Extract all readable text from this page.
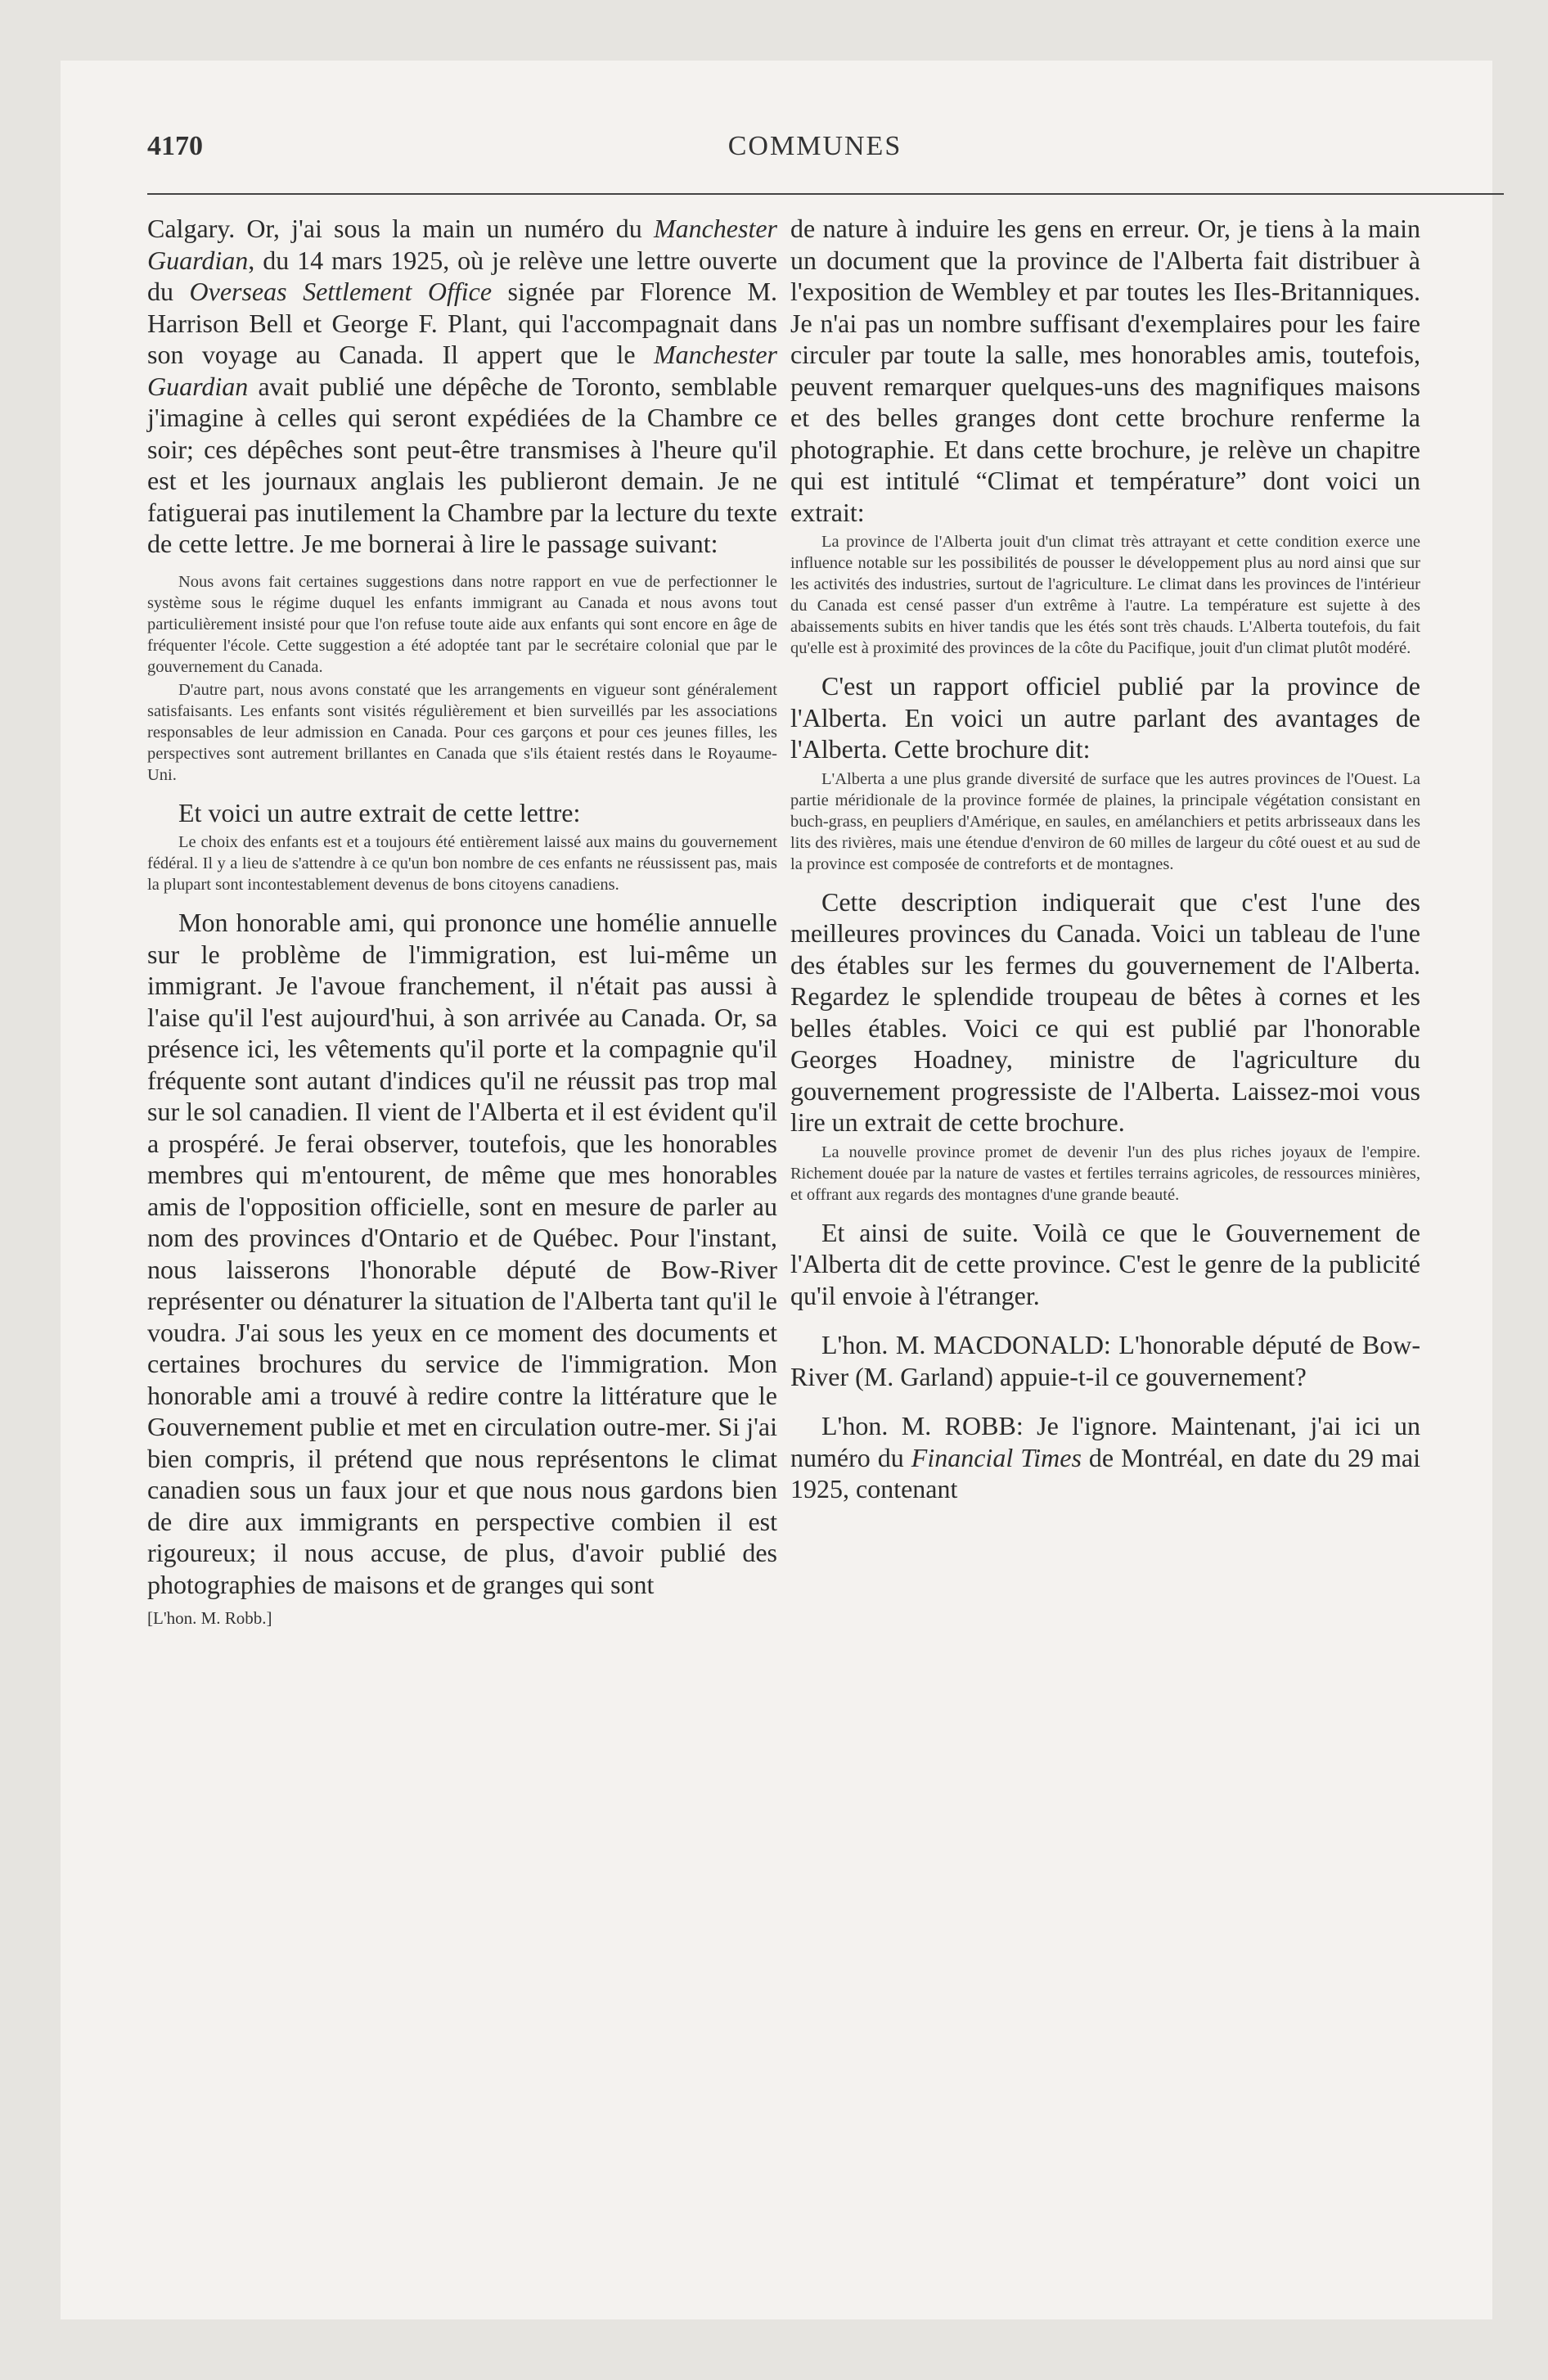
4170	COMMUNES

Calgary. Or, j'ai sous la main un numéro du Manchester Guardian, du 14 mars 1925, où je relève une lettre ouverte du Overseas Settlement Office signée par Florence M. Harrison Bell et George F. Plant, qui l'accompagnait dans son voyage au Canada. Il appert que le Manchester Guardian avait publié une dépêche de Toronto, semblable j'imagine à celles qui seront expédiées de la Chambre ce soir; ces dépêches sont peut-être transmises à l'heure qu'il est et les journaux anglais les publieront demain. Je ne fatiguerai pas inutilement la Chambre par la lecture du texte de cette lettre. Je me bornerai à lire le passage suivant:

Nous avons fait certaines suggestions dans notre rapport en vue de perfectionner le système sous le régime duquel les enfants immigrant au Canada et nous avons tout particulièrement insisté pour que l'on refuse toute aide aux enfants qui sont encore en âge de fréquenter l'école. Cette suggestion a été adoptée tant par le secrétaire colonial que par le gouvernement du Canada.

D'autre part, nous avons constaté que les arrangements en vigueur sont généralement satisfaisants. Les enfants sont visités régulièrement et bien surveillés par les associations responsables de leur admission en Canada. Pour ces garçons et pour ces jeunes filles, les perspectives sont autrement brillantes en Canada que s'ils étaient restés dans le Royaume-Uni.

Et voici un autre extrait de cette lettre:

Le choix des enfants est et a toujours été entièrement laissé aux mains du gouvernement fédéral. Il y a lieu de s'attendre à ce qu'un bon nombre de ces enfants ne réussissent pas, mais la plupart sont incontestablement devenus de bons citoyens canadiens.

Mon honorable ami, qui prononce une homélie annuelle sur le problème de l'immigration, est lui-même un immigrant. Je l'avoue franchement, il n'était pas aussi à l'aise qu'il l'est aujourd'hui, à son arrivée au Canada. Or, sa présence ici, les vêtements qu'il porte et la compagnie qu'il fréquente sont autant d'indices qu'il ne réussit pas trop mal sur le sol canadien. Il vient de l'Alberta et il est évident qu'il a prospéré. Je ferai observer, toutefois, que les honorables membres qui m'entourent, de même que mes honorables amis de l'opposition officielle, sont en mesure de parler au nom des provinces d'Ontario et de Québec. Pour l'instant, nous laisserons l'honorable député de Bow-River représenter ou dénaturer la situation de l'Alberta tant qu'il le voudra. J'ai sous les yeux en ce moment des documents et certaines brochures du service de l'immigration. Mon honorable ami a trouvé à redire contre la littérature que le Gouvernement publie et met en circulation outre-mer. Si j'ai bien compris, il prétend que nous représentons le climat canadien sous un faux jour et que nous nous gardons bien de dire aux immigrants en perspective combien il est rigoureux; il nous accuse, de plus, d'avoir publié des photographies de maisons et de granges qui sont

[L'hon. M. Robb.]

de nature à induire les gens en erreur. Or, je tiens à la main un document que la province de l'Alberta fait distribuer à l'exposition de Wembley et par toutes les Iles-Britanniques. Je n'ai pas un nombre suffisant d'exemplaires pour les faire circuler par toute la salle, mes honorables amis, toutefois, peuvent remarquer quelques-uns des magnifiques maisons et des belles granges dont cette brochure renferme la photographie. Et dans cette brochure, je relève un chapitre qui est intitulé “Climat et température” dont voici un extrait:

La province de l'Alberta jouit d'un climat très attrayant et cette condition exerce une influence notable sur les possibilités de pousser le développement plus au nord ainsi que sur les activités des industries, surtout de l'agriculture. Le climat dans les provinces de l'intérieur du Canada est censé passer d'un extrême à l'autre. La température est sujette à des abaissements subits en hiver tandis que les étés sont très chauds. L'Alberta toutefois, du fait qu'elle est à proximité des provinces de la côte du Pacifique, jouit d'un climat plutôt modéré.

C'est un rapport officiel publié par la province de l'Alberta. En voici un autre parlant des avantages de l'Alberta. Cette brochure dit:

L'Alberta a une plus grande diversité de surface que les autres provinces de l'Ouest. La partie méridionale de la province formée de plaines, la principale végétation consistant en buch-grass, en peupliers d'Amérique, en saules, en amélanchiers et petits arbrisseaux dans les lits des rivières, mais une étendue d'environ de 60 milles de largeur du côté ouest et au sud de la province est composée de contreforts et de montagnes.

Cette description indiquerait que c'est l'une des meilleures provinces du Canada. Voici un tableau de l'une des étables sur les fermes du gouvernement de l'Alberta. Regardez le splendide troupeau de bêtes à cornes et les belles étables. Voici ce qui est publié par l'honorable Georges Hoadney, ministre de l'agriculture du gouvernement progressiste de l'Alberta. Laissez-moi vous lire un extrait de cette brochure.

La nouvelle province promet de devenir l'un des plus riches joyaux de l'empire. Richement douée par la nature de vastes et fertiles terrains agricoles, de ressources minières, et offrant aux regards des montagnes d'une grande beauté.

Et ainsi de suite. Voilà ce que le Gouvernement de l'Alberta dit de cette province. C'est le genre de la publicité qu'il envoie à l'étranger.

L'hon. M. MACDONALD: L'honorable député de Bow-River (M. Garland) appuie-t-il ce gouvernement?

L'hon. M. ROBB: Je l'ignore. Maintenant, j'ai ici un numéro du Financial Times de Montréal, en date du 29 mai 1925, contenant
